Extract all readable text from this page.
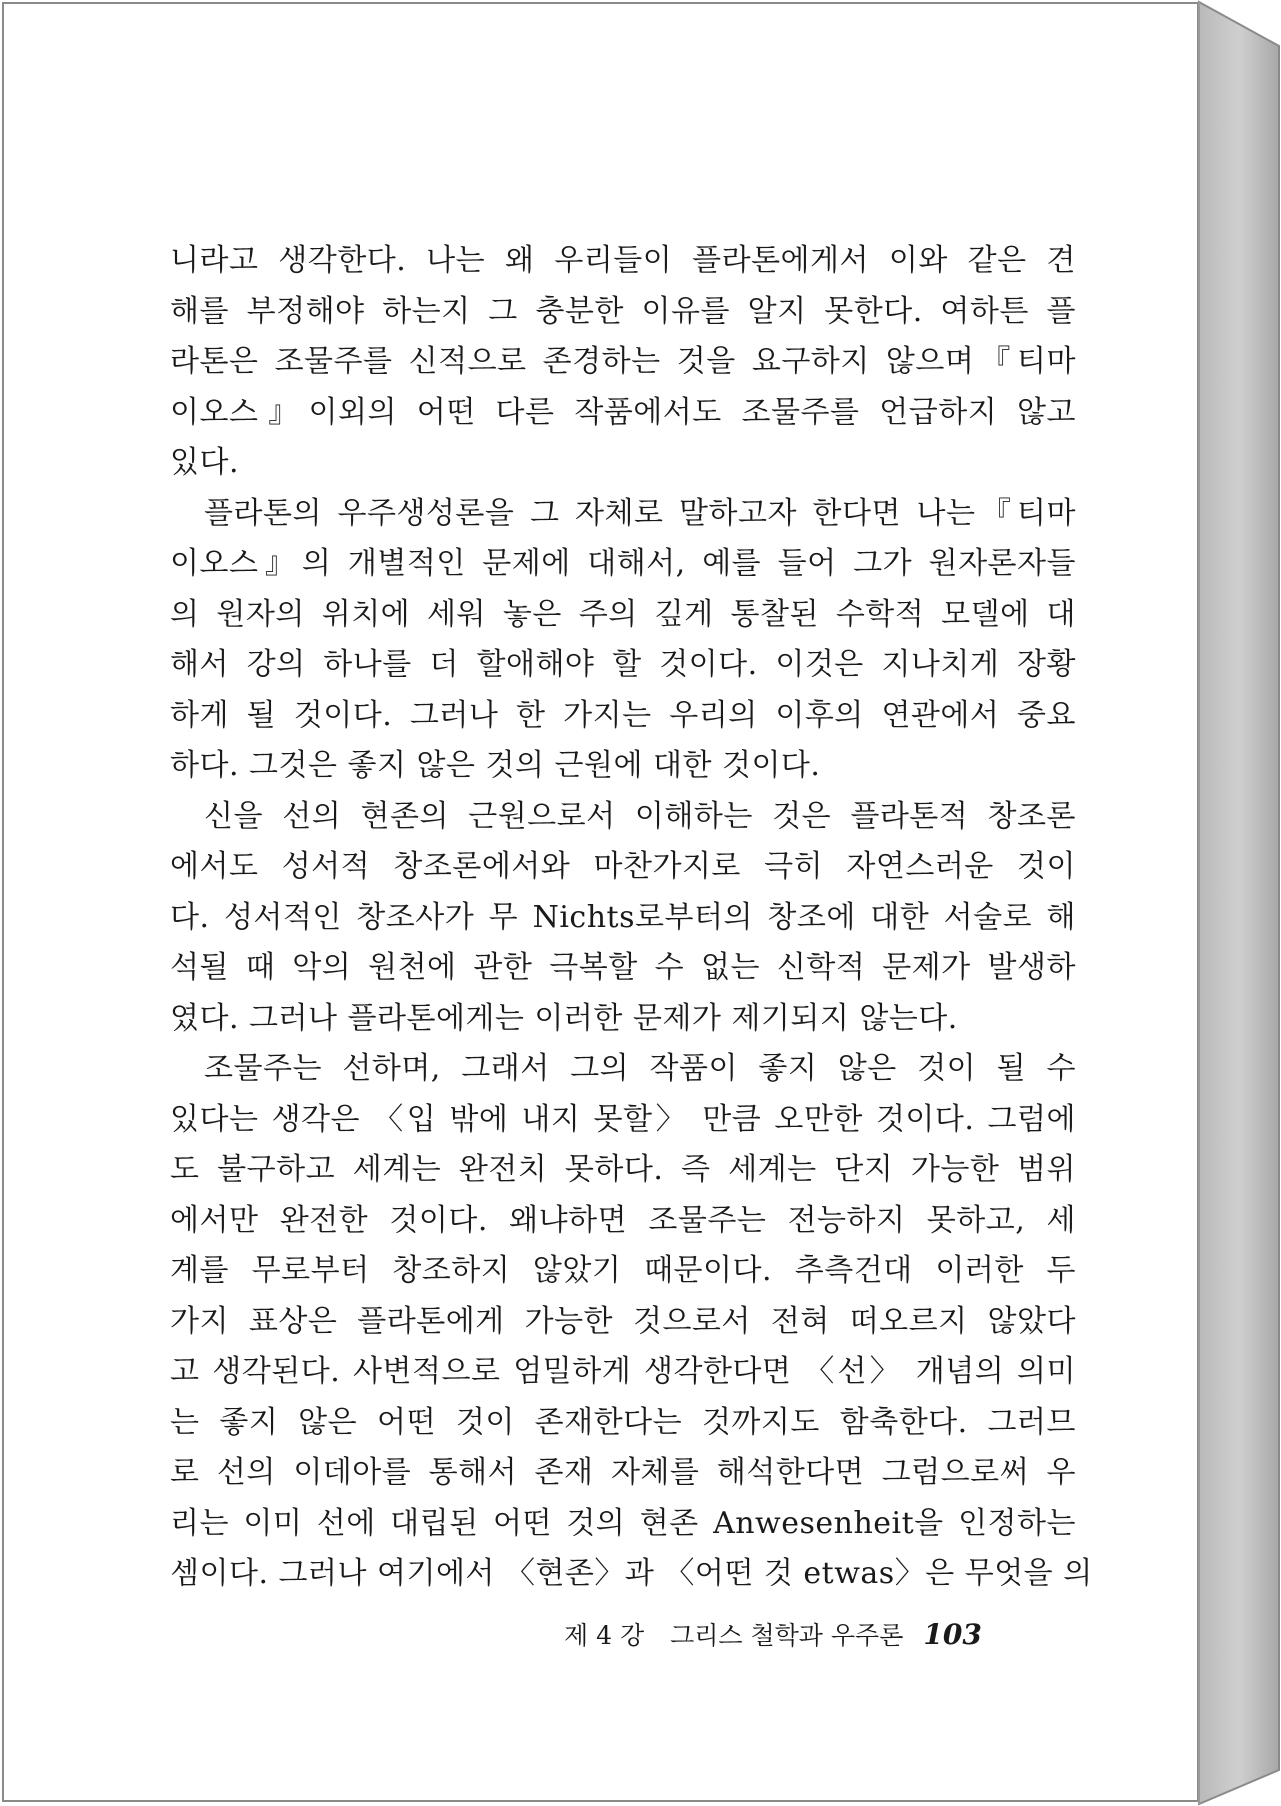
니라고 생각한다. 나는 왜 우리들이 플라톤에게서 이와 같은 견
해를 부정해야 하는지 그 충분한 이유를 알지 못한다. 여하튼 플
라톤은 조물주를 신적으로 존경하는 것을 요구하지 않으며『티마
이오스』이외의 어떤 다른 작품에서도 조물주를 언급하지 않고
있다.
플라톤의 우주생성론을 그 자체로 말하고자 한다면 나는『티마
이오스』의 개별적인 문제에 대해서, 예를 들어 그가 원자론자들
의 원자의 위치에 세워 놓은 주의 깊게 통찰된 수학적 모델에 대
해서 강의 하나를 더 할애해야 할 것이다. 이것은 지나치게 장황
하게 될 것이다. 그러나 한 가지는 우리의 이후의 연관에서 중요
하다. 그것은 좋지 않은 것의 근원에 대한 것이다.
신을 선의 현존의 근원으로서 이해하는 것은 플라톤적 창조론
에서도 성서적 창조론에서와 마찬가지로 극히 자연스러운 것이
다. 성서적인 창조사가 무 Nichts로부터의 창조에 대한 서술로 해
석될 때 악의 원천에 관한 극복할 수 없는 신학적 문제가 발생하
였다. 그러나 플라톤에게는 이러한 문제가 제기되지 않는다.
조물주는 선하며, 그래서 그의 작품이 좋지 않은 것이 될 수
있다는 생각은 〈입 밖에 내지 못할〉 만큼 오만한 것이다. 그럼에
도 불구하고 세계는 완전치 못하다. 즉 세계는 단지 가능한 범위
에서만 완전한 것이다. 왜냐하면 조물주는 전능하지 못하고, 세
계를 무로부터 창조하지 않았기 때문이다. 추측건대 이러한 두
가지 표상은 플라톤에게 가능한 것으로서 전혀 떠오르지 않았다
고 생각된다. 사변적으로 엄밀하게 생각한다면 〈선〉 개념의 의미
는 좋지 않은 어떤 것이 존재한다는 것까지도 함축한다. 그러므
로 선의 이데아를 통해서 존재 자체를 해석한다면 그럼으로써 우
리는 이미 선에 대립된 어떤 것의 현존 Anwesenheit을 인정하는
셈이다. 그러나 여기에서 〈현존〉과 〈어떤 것 etwas〉은 무엇을 의
제 4 강 그리스 철학과 우주론 103
